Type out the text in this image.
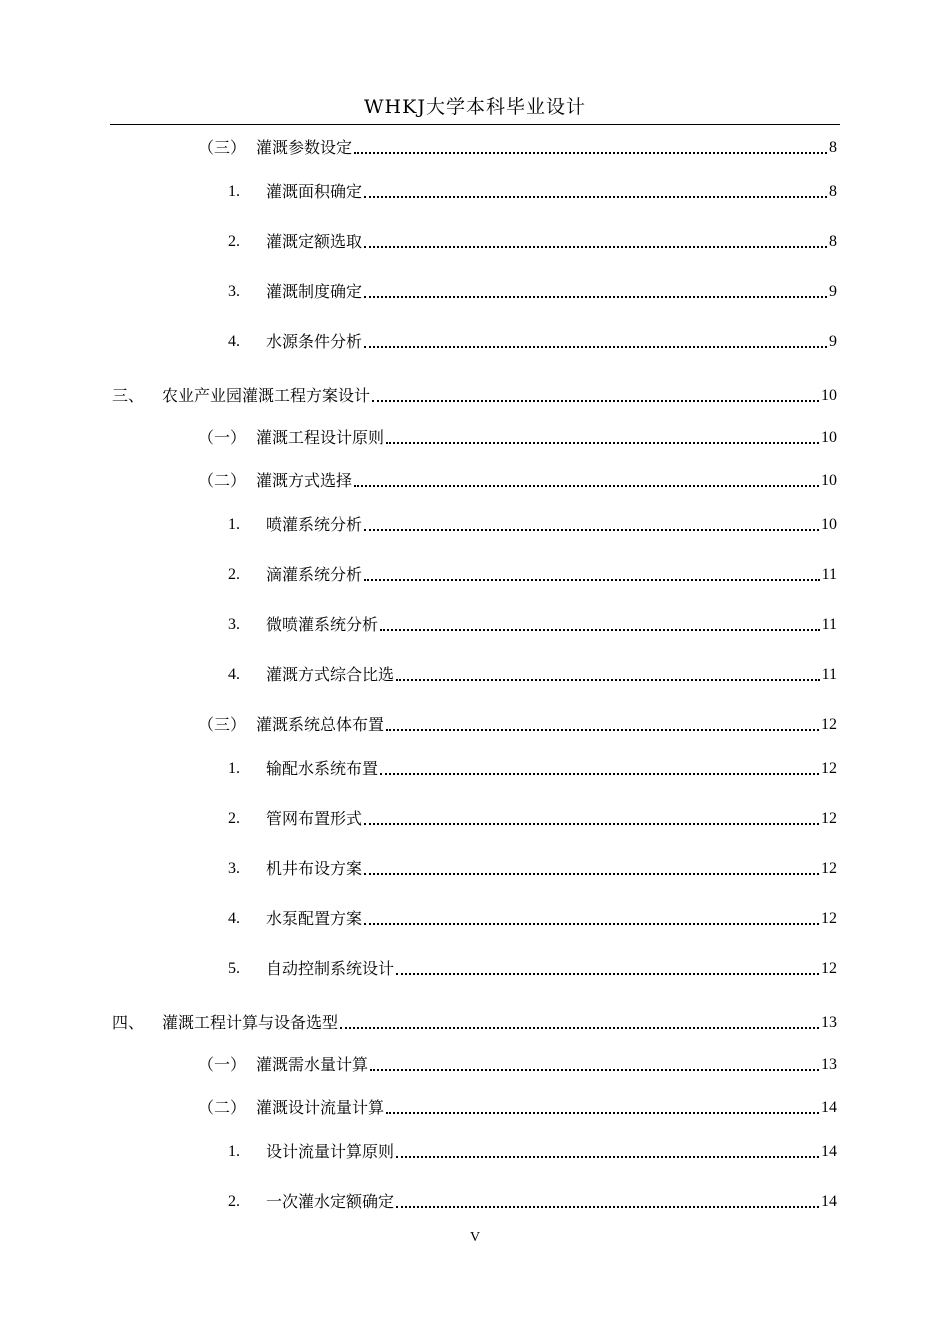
WHKJ大学本科毕业设计
（三） 灌溉参数设定	8
1.	灌溉面积确定	8
2.	灌溉定额选取	8
3.	灌溉制度确定	9
4.	水源条件分析	9
三、	农业产业园灌溉工程方案设计	10
（一） 灌溉工程设计原则	10
（二） 灌溉方式选择	10
1.	喷灌系统分析	10
2.	滴灌系统分析	11
3.	微喷灌系统分析	11
4.	灌溉方式综合比选	11
（三） 灌溉系统总体布置	12
1.	输配水系统布置	12
2.	管网布置形式	12
3.	机井布设方案	12
4.	水泵配置方案	12
5.	自动控制系统设计	12
四、	灌溉工程计算与设备选型	13
（一） 灌溉需水量计算	13
（二） 灌溉设计流量计算	14
1.	设计流量计算原则	14
2.	一次灌水定额确定	14
V
